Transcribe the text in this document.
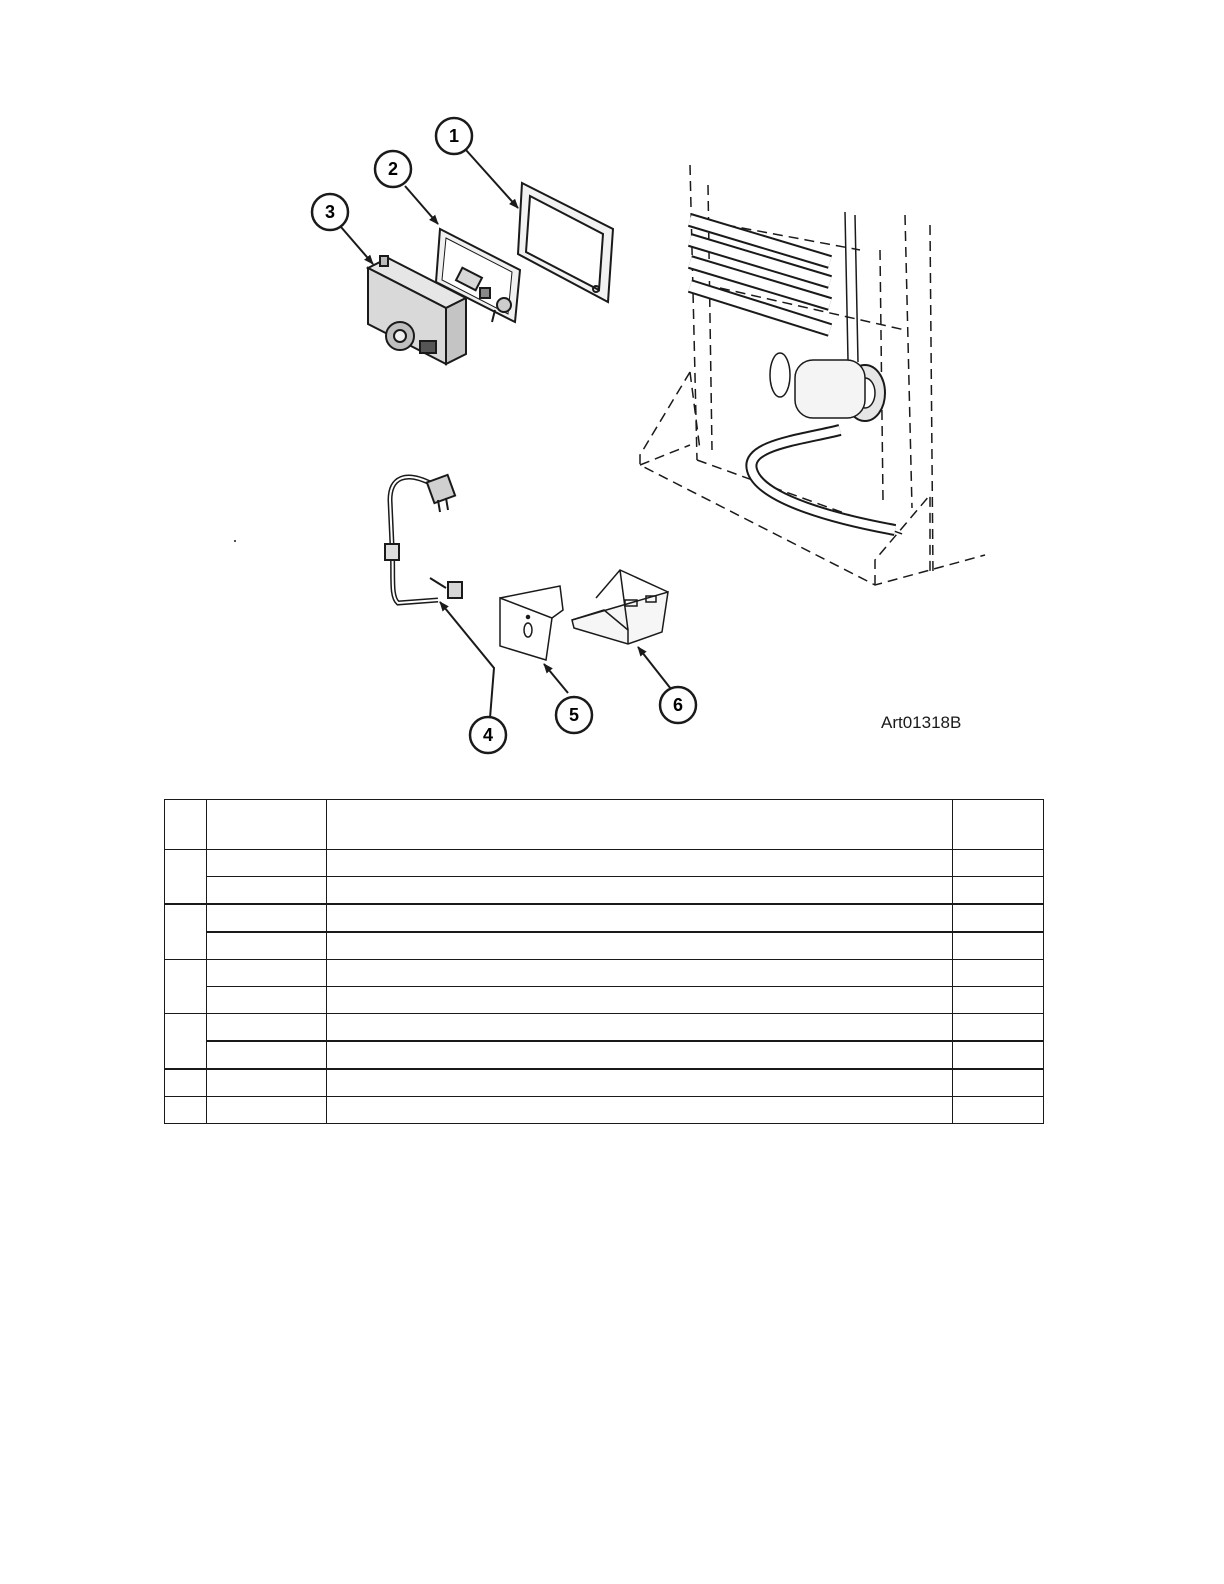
1
2
3
4
5	6
Art01318B
